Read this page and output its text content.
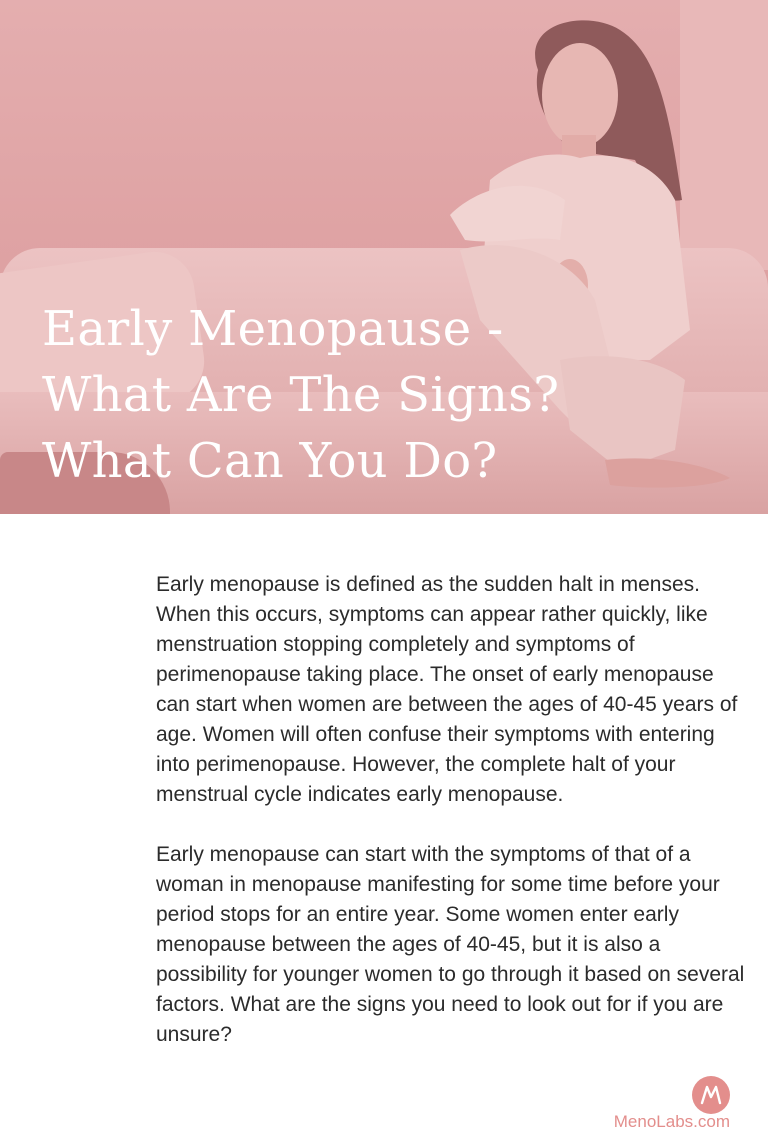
Early Menopause -
What Are The Signs?
What Can You Do?

Early menopause is defined as the sudden halt in menses. When this occurs, symptoms can appear rather quickly, like menstruation stopping completely and symptoms of perimenopause taking place. The onset of early menopause can start when women are between the ages of 40-45 years of age. Women will often confuse their symptoms with entering into perimenopause. However, the complete halt of your menstrual cycle indicates early menopause.

Early menopause can start with the symptoms of that of a woman in menopause manifesting for some time before your period stops for an entire year. Some women enter early menopause between the ages of 40-45, but it is also a possibility for younger women to go through it based on several factors. What are the signs you need to look out for if you are unsure?

MenoLabs.com
